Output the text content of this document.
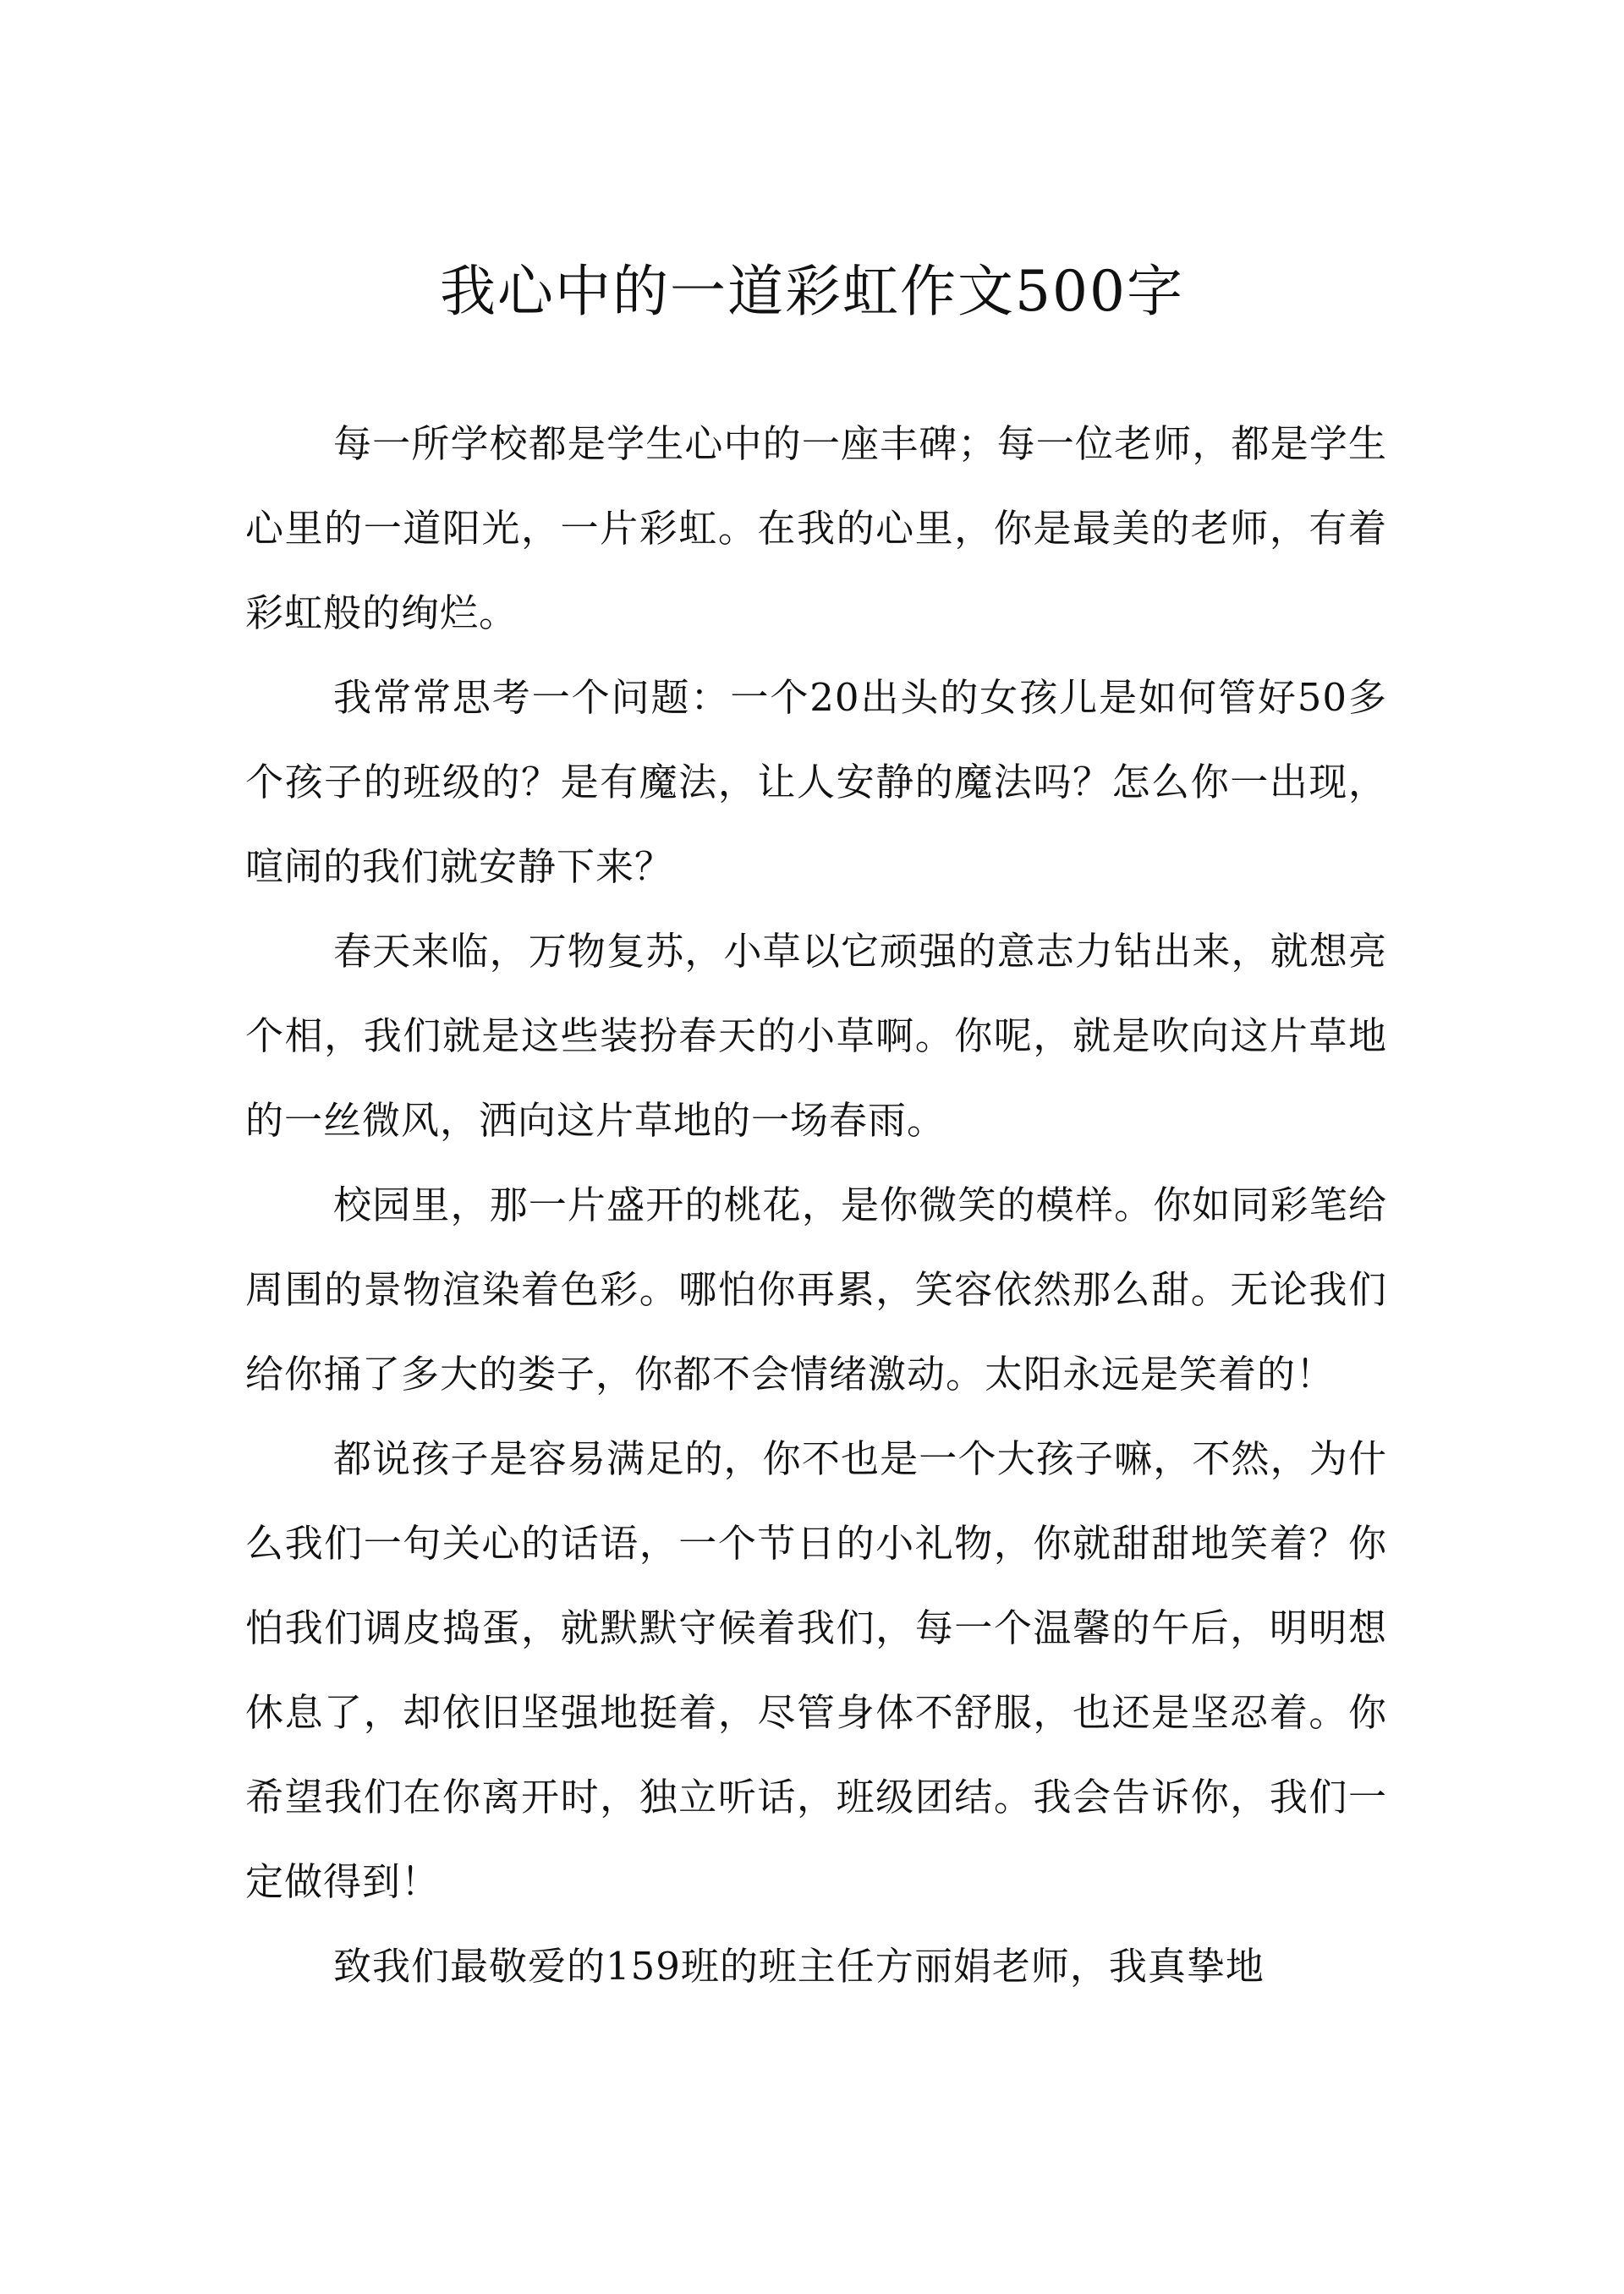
我心中的一道彩虹作文500字

每一所学校都是学生心中的一座丰碑；每一位老师，都是学生心里的一道阳光，一片彩虹。在我的心里，你是最美的老师，有着彩虹般的绚烂。

我常常思考一个问题：一个20出头的女孩儿是如何管好50多个孩子的班级的？是有魔法，让人安静的魔法吗？怎么你一出现，喧闹的我们就安静下来？

春天来临，万物复苏，小草以它顽强的意志力钻出来，就想亮个相，我们就是这些装扮春天的小草啊。你呢，就是吹向这片草地的一丝微风，洒向这片草地的一场春雨。

校园里，那一片盛开的桃花，是你微笑的模样。你如同彩笔给周围的景物渲染着色彩。哪怕你再累，笑容依然那么甜。无论我们给你捅了多大的娄子，你都不会情绪激动。太阳永远是笑着的！

都说孩子是容易满足的，你不也是一个大孩子嘛，不然，为什么我们一句关心的话语，一个节日的小礼物，你就甜甜地笑着？你怕我们调皮捣蛋，就默默守候着我们，每一个温馨的午后，明明想休息了，却依旧坚强地挺着，尽管身体不舒服，也还是坚忍着。你希望我们在你离开时，独立听话，班级团结。我会告诉你，我们一定做得到！

致我们最敬爱的159班的班主任方丽娟老师，我真挚地
